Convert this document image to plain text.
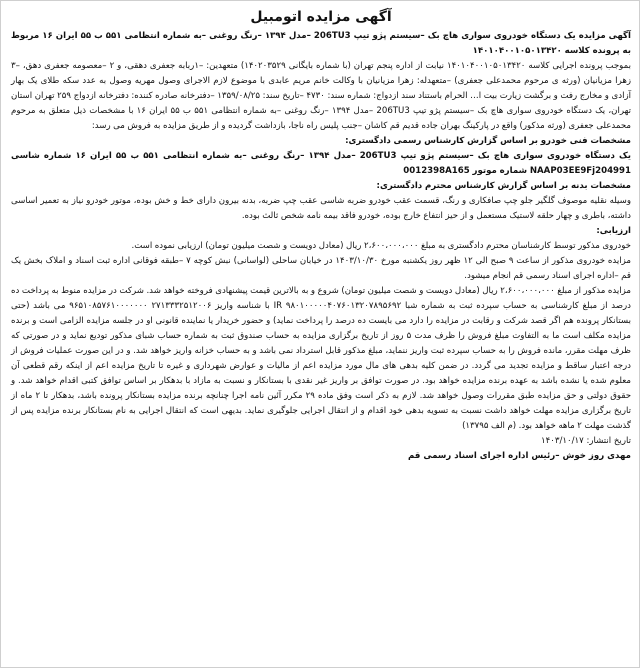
آگهی مزایده اتومبیل

آگهی مزایده یک دستگاه خودروی سواری هاچ بک –سیستم پژو تیپ 206TU3 –مدل ۱۳۹۴ –رنگ روغنی –به شماره انتظامی ۵۵۱ ب ۵۵ ایران ۱۶ مربوط به پرونده کلاسه ۱۴۰۱۰۴۰۰۱۰۵۰۱۳۴۲۰

بموجب پرونده اجرایی کلاسه ۱۴۰۱۰۴۰۰۱۰۵۰۱۳۴۲۰ نیابت از اداره پنجم تهران (با شماره بایگانی ۱۴۰۲۰۳۵۲۹) متعهدین: –۱ربابه جعفری دهقی، و ۲ –معصومه جعفری دهق، –۳ زهرا مزیانیان (ورثه ی مرحوم محمدعلی جعفری) –متعهدله: زهرا مزیانیان با وکالت خانم مریم عابدی با موضوع لازم الاجرای وصول مهریه وصول به عدد سکه طلای یک بهار آزادی و مخارج رفت و برگشت زیارت بیت ا… الحرام باستناد سند ازدواج: شماره سند: ۴۷۳۰ –تاریخ سند: ۱۳۵۹/۰۸/۲۵ –دفترخانه صادره کننده: دفترخانه ازدواج ۲۵۹ تهران استان تهران، یک دستگاه خودروی سواری هاچ بک –سیستم پژو تیپ 206TU3 –مدل ۱۳۹۴ –رنگ روغنی –به شماره انتظامی ۵۵۱ ب ۵۵ ایران ۱۶ با مشخصات ذیل متعلق به مرحوم محمدعلی جعفری (ورثه مذکور) واقع در پارکینگ بهران جاده قدیم قم کاشان –جنب پلیس راه ناجا، بازداشت گردیده و از طریق مزایده به فروش می رسد:

مشخصات فنی خودرو بر اساس گزارش کارشناس رسمی دادگستری:

یک دستگاه خودروی سواری هاچ بک –سیستم پژو تیپ 206TU3 –مدل ۱۳۹۴ –رنگ روغنی –به شماره انتظامی ۵۵۱ ب ۵۵ ایران ۱۶ شماره شاسی NAAP03EE9Fj204991 شماره موتور 0012398A165

مشخصات بدنه بر اساس گزارش کارشناس محترم دادگستری:

وسیله نقلیه موصوف گلگیر جلو چپ صافکاری و رنگ، قسمت عقب خودرو ضربه شاسی عقب چپ ضربه، بدنه بیرون دارای خط و خش بوده، موتور خودرو نیاز به تعمیر اساسی داشته، باطری و چهار حلقه لاستیک مستعمل و از حیز انتفاع خارج بوده، خودرو فاقد بیمه نامه شخص ثالث بوده.

ارزیابی:

خودروی مذکور توسط کارشناسان محترم دادگستری به مبلغ ۲،۶۰۰،۰۰۰،۰۰۰ ریال (معادل دویست و شصت میلیون تومان) ارزیابی نموده است.

مزایده خودروی مذکور از ساعت ۹ صبح الی ۱۲ ظهر روز یکشنبه مورخ ۱۴۰۳/۱۰/۳۰ در خیابان ساحلی (لواسانی) نبش کوچه ۷ –طبقه فوقانی اداره ثبت اسناد و املاک بخش یک قم –اداره اجرای اسناد رسمی قم انجام میشود.

مزایده مذکور از مبلغ ۲،۶۰۰،۰۰۰،۰۰۰ ریال (معادل دویست و شصت میلیون تومان) شروع و به بالاترین قیمت پیشنهادی فروخته خواهد شد. شرکت در مزایده منوط به پرداخت ده درصد از مبلغ کارشناسی به حساب سپرده ثبت به شماره شبا IR ۹۸۰۱۰۰۰۰۰۴۰۷۶۰۱۳۲۰۷۸۹۵۶۹۲ با شناسه واریز ۲۷۱۳۳۳۲۵۱۲۰۰۶ ۹۶۵۱۰۸۵۷۶۱۰۰۰۰۰۰۰ می باشد (حتی بستانکار پرونده هم اگر قصد شرکت و رقابت در مزایده را دارد می بایست ده درصد را پرداخت نماید) و حضور خریدار یا نماینده قانونی او در جلسه مزایده الزامی است و برنده مزایده مکلف است ما به التفاوت مبلغ فروش را ظرف مدت ۵ روز از تاریخ برگزاری مزایده به حساب صندوق ثبت به شماره حساب شبای مذکور تودیع نماید و در صورتی که ظرف مهلت مقرر، مانده فروش را به حساب سپرده ثبت واریز ننماید، مبلغ مذکور قابل استرداد نمی باشد و به حساب خزانه واریز خواهد شد. و در این صورت عملیات فروش از درجه اعتبار ساقط و مزایده تجدید می گردد. در ضمن کلیه بدهی های مال مورد مزایده اعم از مالیات و عوارض شهرداری و غیره تا تاریخ مزایده اعم از اینکه رقم قطعی آن معلوم شده یا نشده باشد به عهده برنده مزایده خواهد بود. در صورت توافق بر واریز غیر نقدی با بستانکار و نسبت به مازاد با بدهکار بر اساس توافق کتبی اقدام خواهد شد. و حقوق دولتی و حق مزایده طبق مقررات وصول خواهد شد. لازم به ذکر است وفق ماده ۲۹ مکرر آئین نامه اجرا چنانچه برنده مزایده بستانکار پرونده باشد، بدهکار تا ۲ ماه از تاریخ برگزاری مزایده مهلت خواهد داشت نسبت به تسویه بدهی خود اقدام و از انتقال اجرایی جلوگیری نماید. بدیهی است که انتقال اجرایی به نام بستانکار برنده مزایده پس از گذشت مهلت ۲ ماهه خواهد بود. (م الف ۱۳۷۹۵)

تاریخ انتشار: ۱۴۰۳/۱۰/۱۷

مهدی روز خوش –رئیس اداره اجرای اسناد رسمی قم
